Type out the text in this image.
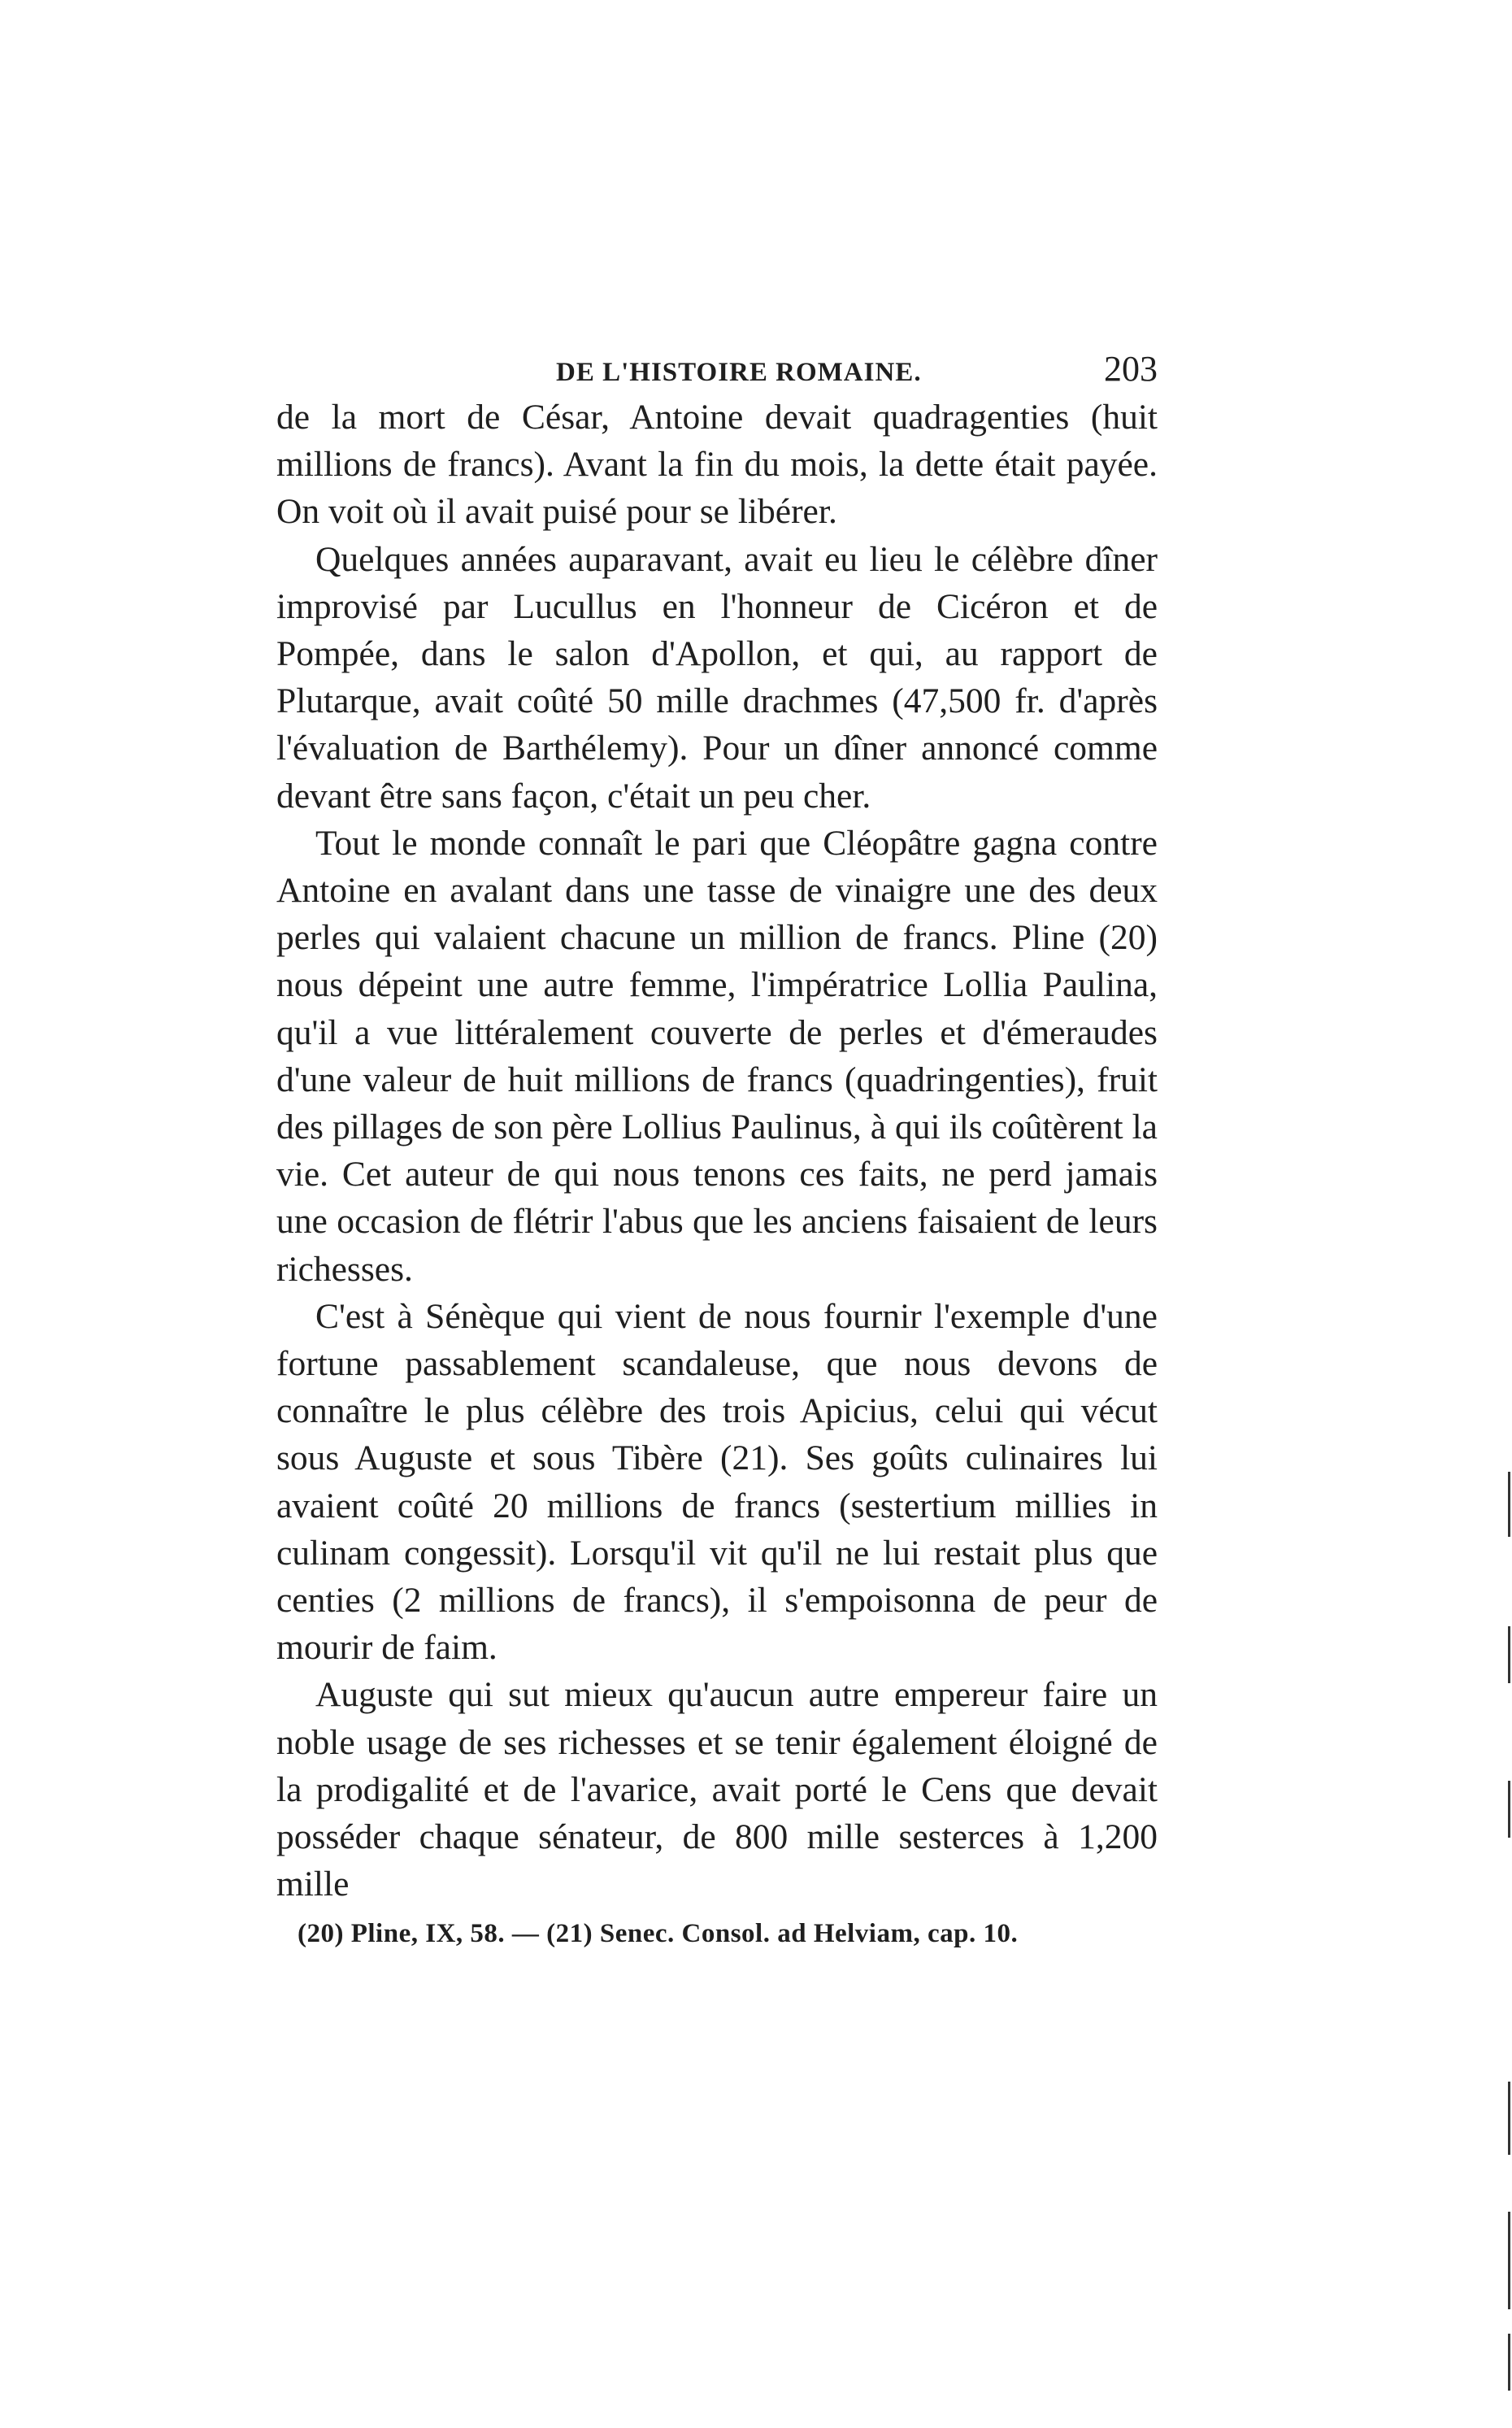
DE L'HISTOIRE ROMAINE.	203

de la mort de César, Antoine devait quadragenties (huit millions de francs). Avant la fin du mois, la dette était payée. On voit où il avait puisé pour se libérer.

Quelques années auparavant, avait eu lieu le célèbre dîner improvisé par Lucullus en l'honneur de Cicéron et de Pompée, dans le salon d'Apollon, et qui, au rapport de Plutarque, avait coûté 50 mille drachmes (47,500 fr. d'après l'évaluation de Barthélemy). Pour un dîner annoncé comme devant être sans façon, c'était un peu cher.

Tout le monde connaît le pari que Cléopâtre gagna contre Antoine en avalant dans une tasse de vinaigre une des deux perles qui valaient chacune un million de francs. Pline (20) nous dépeint une autre femme, l'impératrice Lollia Paulina, qu'il a vue littéralement couverte de perles et d'émeraudes d'une valeur de huit millions de francs (quadringenties), fruit des pillages de son père Lollius Paulinus, à qui ils coûtèrent la vie. Cet auteur de qui nous tenons ces faits, ne perd jamais une occasion de flétrir l'abus que les anciens faisaient de leurs richesses.

C'est à Sénèque qui vient de nous fournir l'exemple d'une fortune passablement scandaleuse, que nous devons de connaître le plus célèbre des trois Apicius, celui qui vécut sous Auguste et sous Tibère (21). Ses goûts culinaires lui avaient coûté 20 millions de francs (sestertium millies in culinam congessit). Lorsqu'il vit qu'il ne lui restait plus que centies (2 millions de francs), il s'empoisonna de peur de mourir de faim.

Auguste qui sut mieux qu'aucun autre empereur faire un noble usage de ses richesses et se tenir également éloigné de la prodigalité et de l'avarice, avait porté le Cens que devait posséder chaque sénateur, de 800 mille sesterces à 1,200 mille

(20) Pline, IX, 58. — (21) Senec. Consol. ad Helviam, cap. 10.
